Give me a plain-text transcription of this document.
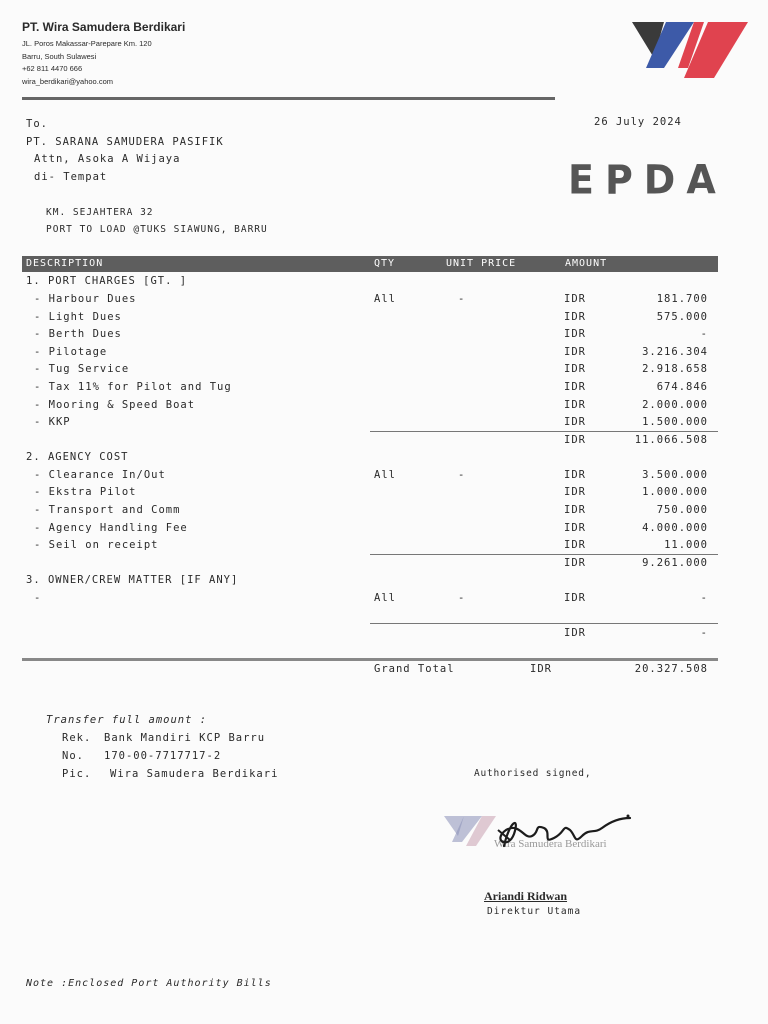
PT. Wira Samudera Berdikari
JL. Poros Makassar-Parepare Km. 120
Barru, South Sulawesi
+62 811 4470 666
wira_berdikari@yahoo.com
To.	26 July 2024
PT. SARANA SAMUDERA PASIFIK
Attn, Asoka A Wijaya
di- Tempat	EPDA
KM. SEJAHTERA 32
PORT TO LOAD @TUKS SIAWUNG, BARRU
DESCRIPTION	QTY	UNIT PRICE	AMOUNT
1. PORT CHARGES [GT. ]
- Harbour Dues	All	-	IDR	181.700
- Light Dues	IDR	575.000
- Berth Dues	IDR	-
- Pilotage	IDR	3.216.304
- Tug Service	IDR	2.918.658
- Tax 11% for Pilot and Tug	IDR	674.846
- Mooring & Speed Boat	IDR	2.000.000
- KKP	IDR	1.500.000
IDR	11.066.508
2. AGENCY COST
- Clearance In/Out	All	-	IDR	3.500.000
- Ekstra Pilot	IDR	1.000.000
- Transport and Comm	IDR	750.000
- Agency Handling Fee	IDR	4.000.000
- Seil on receipt	IDR	11.000
IDR	9.261.000
3. OWNER/CREW MATTER [IF ANY]
-	All	-	IDR	-
IDR	-
Grand Total	IDR	20.327.508
Transfer full amount :
Rek. Bank Mandiri KCP Barru
No. 170-00-7717717-2
Pic. Wira Samudera Berdikari	Authorised signed,
Wira Samudera Berdikari
Ariandi Ridwan
Direktur Utama
Note :Enclosed Port Authority Bills
